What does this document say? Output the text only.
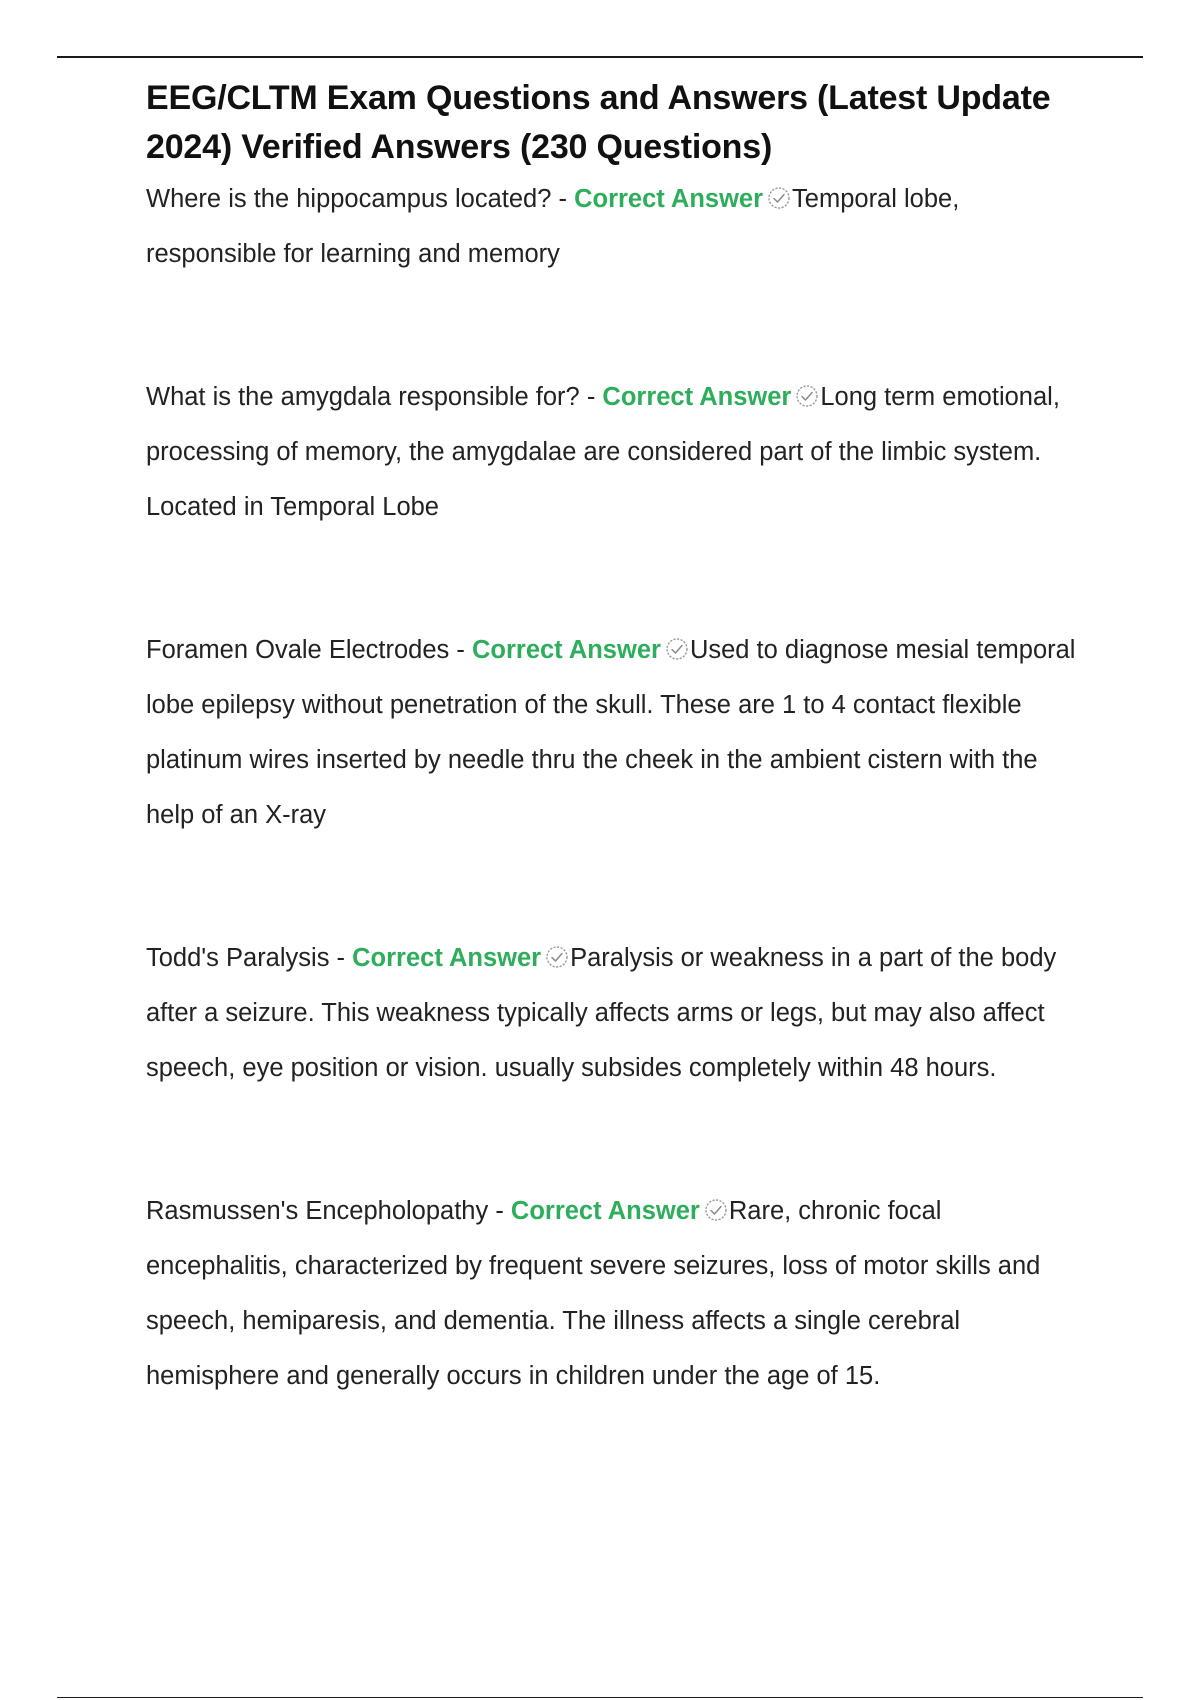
EEG/CLTM Exam Questions and Answers (Latest Update 2024) Verified Answers (230 Questions)
Where is the hippocampus located? - Correct Answer Temporal lobe, responsible for learning and memory
What is the amygdala responsible for? - Correct Answer Long term emotional, processing of memory, the amygdalae are considered part of the limbic system. Located in Temporal Lobe
Foramen Ovale Electrodes - Correct Answer Used to diagnose mesial temporal lobe epilepsy without penetration of the skull. These are 1 to 4 contact flexible platinum wires inserted by needle thru the cheek in the ambient cistern with the help of an X-ray
Todd's Paralysis - Correct Answer Paralysis or weakness in a part of the body after a seizure. This weakness typically affects arms or legs, but may also affect speech, eye position or vision. usually subsides completely within 48 hours.
Rasmussen's Encepholopathy - Correct Answer Rare, chronic focal encephalitis, characterized by frequent severe seizures, loss of motor skills and speech, hemiparesis, and dementia. The illness affects a single cerebral hemisphere and generally occurs in children under the age of 15.
